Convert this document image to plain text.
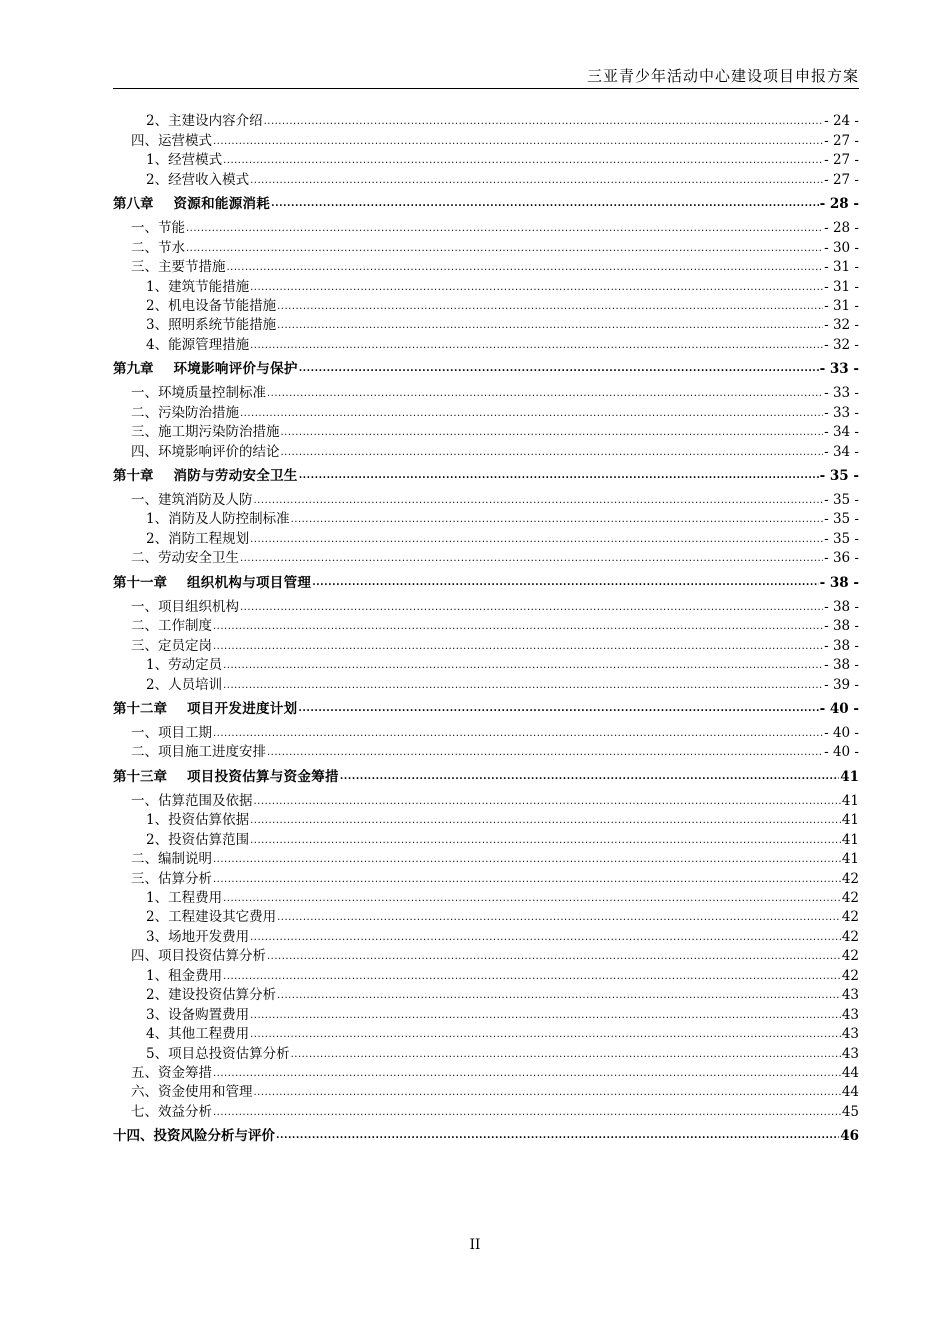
三亚青少年活动中心建设项目申报方案
2、主建设内容介绍 .....	- 24 -
四、运营模式 .....	- 27 -
1、经营模式 .....	- 27 -
2、经营收入模式 .....	- 27 -
第八章 资源和能源消耗 .....	- 28 -
一、节能 .....	- 28 -
二、节水 .....	- 30 -
三、主要节措施 .....	- 31 -
1、建筑节能措施 .....	- 31 -
2、机电设备节能措施 .....	- 31 -
3、照明系统节能措施 .....	- 32 -
4、能源管理措施 .....	- 32 -
第九章 环境影响评价与保护 .....	- 33 -
一、环境质量控制标准 .....	- 33 -
二、污染防治措施 .....	- 33 -
三、施工期污染防治措施 .....	- 34 -
四、环境影响评价的结论 .....	- 34 -
第十章 消防与劳动安全卫生 .....	- 35 -
一、建筑消防及人防 .....	- 35 -
1、消防及人防控制标准 .....	- 35 -
2、消防工程规划 .....	- 35 -
二、劳动安全卫生 .....	- 36 -
第十一章 组织机构与项目管理 .....	- 38 -
一、项目组织机构 .....	- 38 -
二、工作制度 .....	- 38 -
三、定员定岗 .....	- 38 -
1、劳动定员 .....	- 38 -
2、人员培训 .....	- 39 -
第十二章 项目开发进度计划 .....	- 40 -
一、项目工期 .....	- 40 -
二、项目施工进度安排 .....	- 40 -
第十三章 项目投资估算与资金筹措 .....	41
一、估算范围及依据 .....	41
1、投资估算依据 .....	41
2、投资估算范围 .....	41
二、编制说明 .....	41
三、估算分析 .....	42
1、工程费用 .....	42
2、工程建设其它费用 .....	42
3、场地开发费用 .....	42
四、项目投资估算分析 .....	42
1、租金费用 .....	42
2、建设投资估算分析 .....	43
3、设备购置费用 .....	43
4、其他工程费用 .....	43
5、项目总投资估算分析 .....	43
五、资金筹措 .....	44
六、资金使用和管理 .....	44
七、效益分析 .....	45
十四、投资风险分析与评价 .....	46
II
